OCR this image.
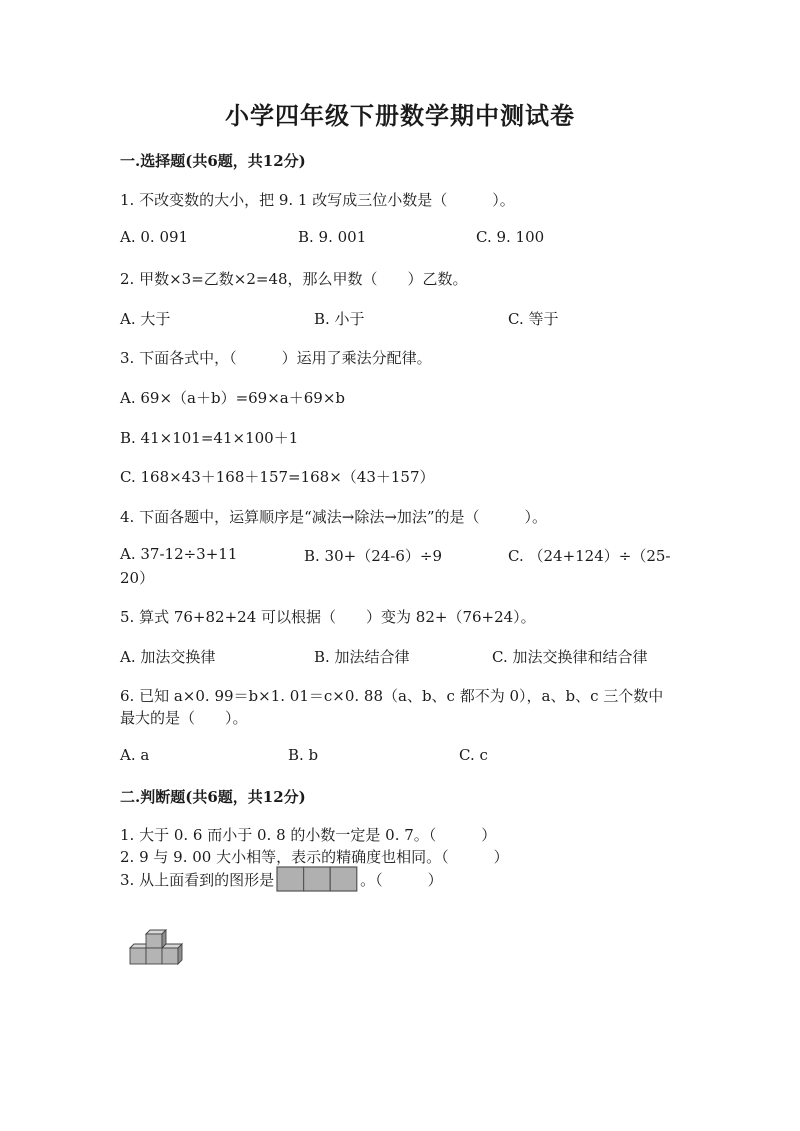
小学四年级下册数学期中测试卷
一.选择题(共6题，共12分)
1. 不改变数的大小，把 9. 1 改写成三位小数是（　　　）。
A. 0. 091	B. 9. 001	C. 9. 100
2. 甲数×3=乙数×2=48，那么甲数（　　）乙数。
A. 大于	B. 小于	C. 等于
3. 下面各式中，（　　　）运用了乘法分配律。
A. 69×（a＋b）=69×a＋69×b
B. 41×101=41×100＋1
C. 168×43＋168＋157=168×（43＋157）
4. 下面各题中，运算顺序是“减法→除法→加法”的是（　　　）。
A. 37-12÷3+11	B. 30+（24-6）÷9	C. （24+124）÷（25-
20）
5. 算式 76+82+24 可以根据（　　）变为 82+（76+24）。
A. 加法交换律	B. 加法结合律	C. 加法交换律和结合律
6. 已知 a×0. 99＝b×1. 01＝c×0. 88（a、b、c 都不为 0），a、b、c 三个数中
最大的是（　　）。
A. a	B. b	C. c
二.判断题(共6题，共12分)
1. 大于 0. 6 而小于 0. 8 的小数一定是 0. 7。（　　　）
2. 9 与 9. 00 大小相等，表示的精确度也相同。（　　　）
3. 从上面看到的图形是	。（　　　）
